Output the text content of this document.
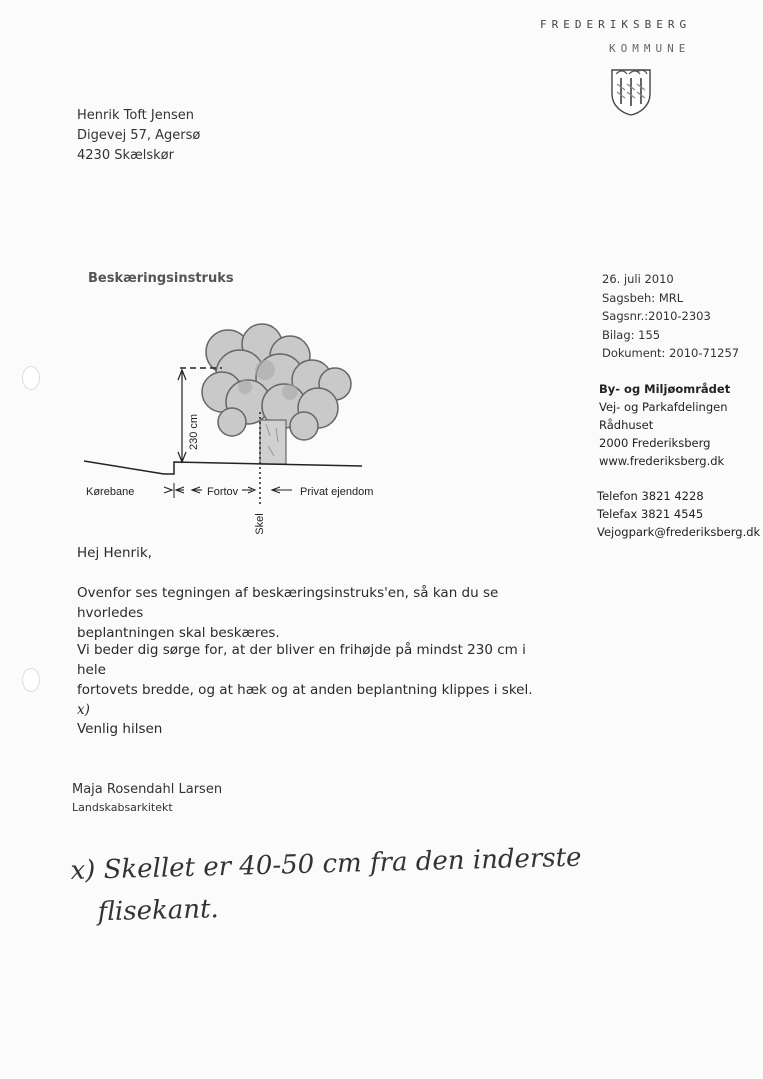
FREDERIKSBERG
KOMMUNE
Henrik Toft Jensen
Digevej 57, Agersø
4230 Skælskør
Beskæringsinstruks	26. juli 2010
Sagsbeh: MRL
Sagsnr.:2010-2303
Bilag: 155
Dokument: 2010-71257
By- og Miljøområdet
Vej- og Parkafdelingen
Rådhuset
2000 Frederiksberg
www.frederiksberg.dk
Telefon 3821 4228
Telefax 3821 4545
Vejogpark@frederiksberg.dk
230 cm
Kørebane	Fortov	Privat ejendom
Skel
Hej Henrik,
Ovenfor ses tegningen af beskæringsinstruks'en, så kan du se hvorledes
beplantningen skal beskæres.
Vi beder dig sørge for, at der bliver en frihøjde på mindst 230 cm i hele
fortovets bredde, og at hæk og at anden beplantning klippes i skel. x)
Venlig hilsen
Maja Rosendahl Larsen
Landskabsarkitekt
x) Skellet er 40-50 cm fra den inderste
flisekant.
